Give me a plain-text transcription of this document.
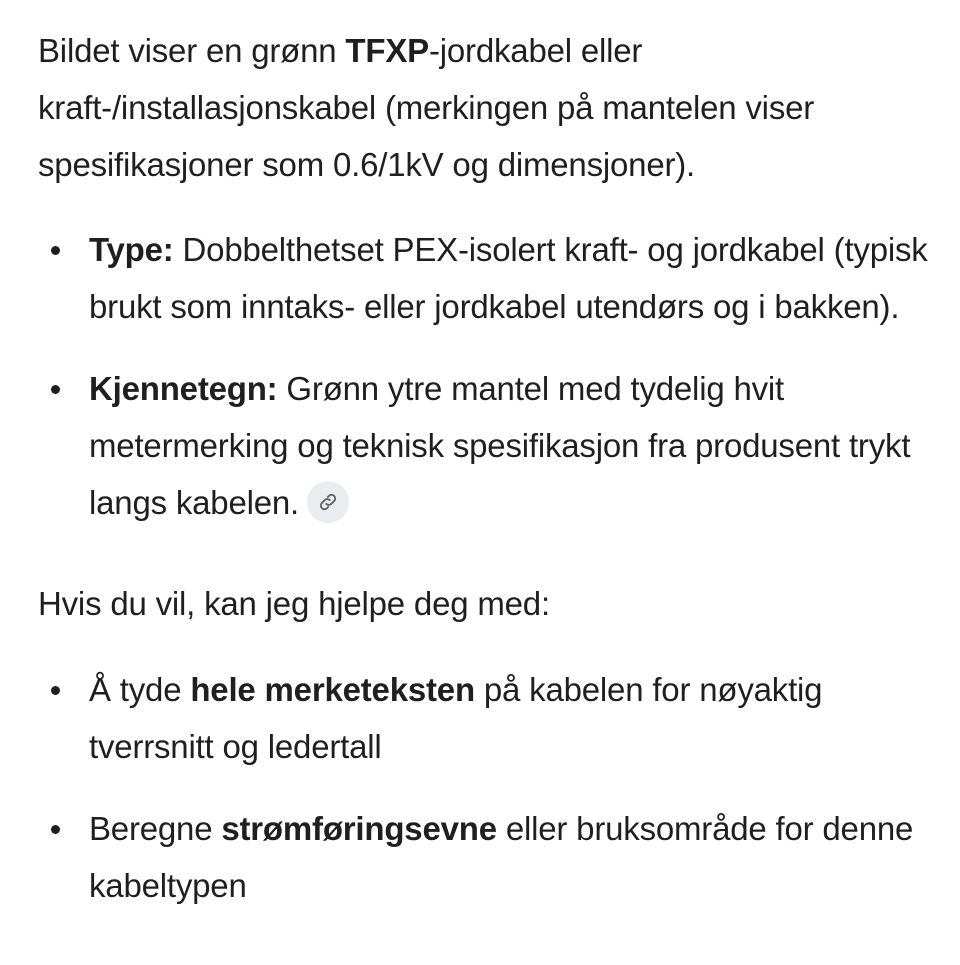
Bildet viser en grønn TFXP-jordkabel eller kraft-/installasjonskabel (merkingen på mantelen viser spesifikasjoner som 0.6/1kV og dimensjoner).

Type: Dobbelthetset PEX-isolert kraft- og jordkabel (typisk brukt som inntaks- eller jordkabel utendørs og i bakken).
Kjennetegn: Grønn ytre mantel med tydelig hvit metermerking og teknisk spesifikasjon fra produsent trykt langs kabelen.

Hvis du vil, kan jeg hjelpe deg med:

Å tyde hele merketeksten på kabelen for nøyaktig tverrsnitt og ledertall
Beregne strømføringsevne eller bruksområde for denne kabeltypen
